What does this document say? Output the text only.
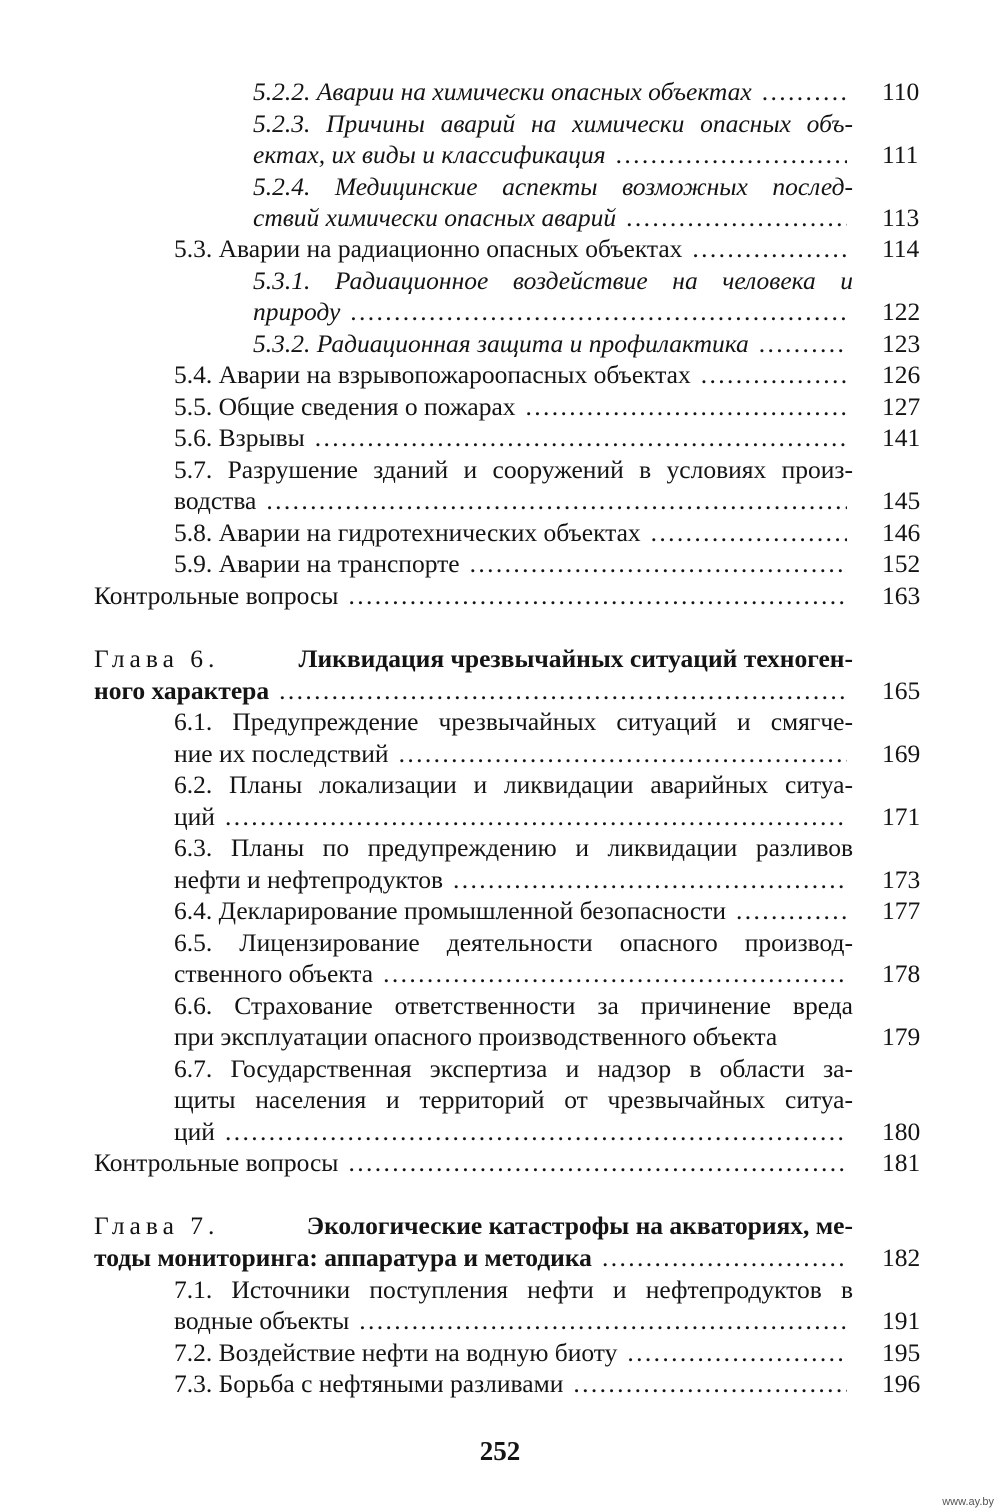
5.2.2. Аварии на химически опасных объектах . . .	110
5.2.3. Причины аварий на химически опасных объ-
ектах, их виды и классификация . . .	111
5.2.4. Медицинские аспекты возможных послед-
ствий химически опасных аварий . . .	113
5.3. Аварии на радиационно опасных объектах . . .	114
5.3.1. Радиационное воздействие на человека и
природу . . .	122
5.3.2. Радиационная защита и профилактика . . .	123
5.4. Аварии на взрывопожароопасных объектах . . .	126
5.5. Общие сведения о пожарах . . .	127
5.6. Взрывы . . .	141
5.7. Разрушение зданий и сооружений в условиях произ-
водства . . .	145
5.8. Аварии на гидротехнических объектах . . .	146
5.9. Аварии на транспорте . . .	152
Контрольные вопросы . . .	163
Глава 6.	Ликвидация чрезвычайных ситуаций техноген-
ного характера . . .	165
6.1. Предупреждение чрезвычайных ситуаций и смягче-
ние их последствий . . .	169
6.2. Планы локализации и ликвидации аварийных ситуа-
ций . . .	171
6.3. Планы по предупреждению и ликвидации разливов
нефти и нефтепродуктов . . .	173
6.4. Декларирование промышленной безопасности . . .	177
6.5. Лицензирование деятельности опасного производ-
ственного объекта . . .	178
6.6. Страхование ответственности за причинение вреда
при эксплуатации опасного производственного объекта	179
6.7. Государственная экспертиза и надзор в области за-
щиты населения и территорий от чрезвычайных ситуа-
ций . . .	180
Контрольные вопросы . . .	181
Глава 7.	Экологические катастрофы на акваториях, ме-
тоды мониторинга: аппаратура и методика . . .	182
7.1. Источники поступления нефти и нефтепродуктов в
водные объекты . . .	191
7.2. Воздействие нефти на водную биоту . . .	195
7.3. Борьба с нефтяными разливами . . .	196
252
www.ay.by
